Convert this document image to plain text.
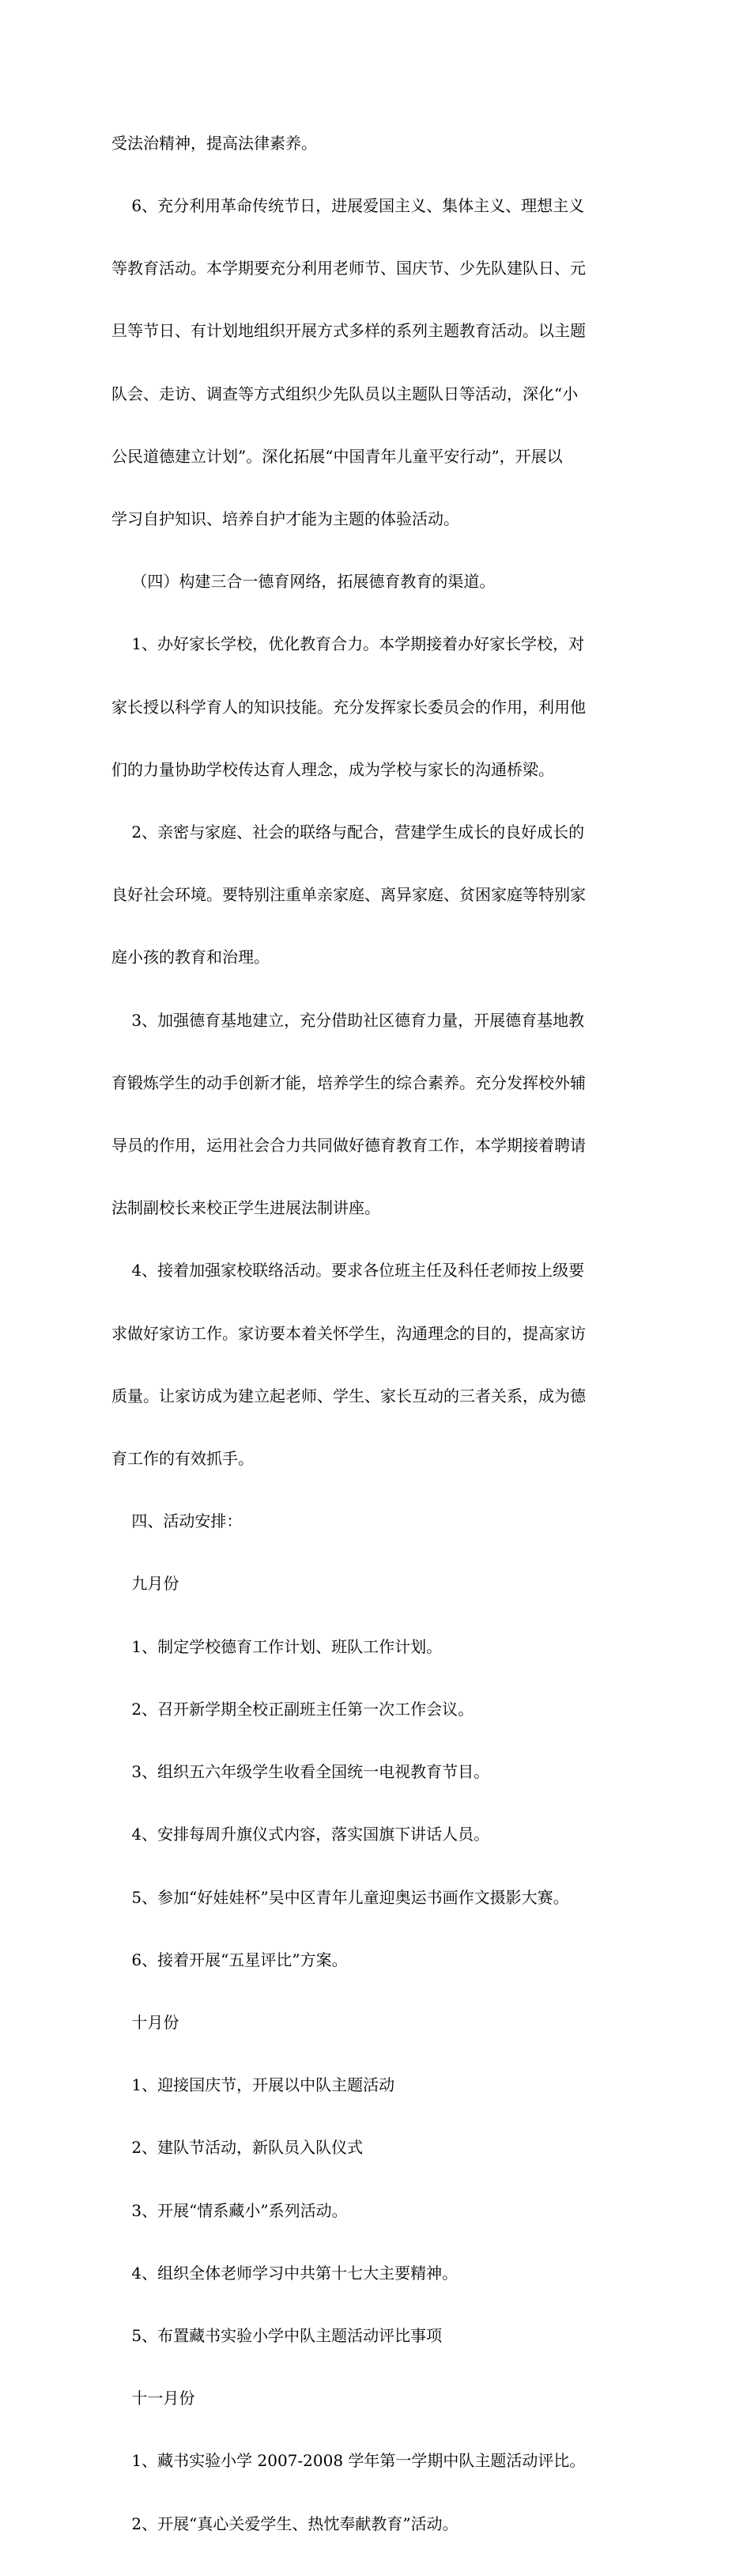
受法治精神，提高法律素养。

6、充分利用革命传统节日，进展爱国主义、集体主义、理想主义

等教育活动。本学期要充分利用老师节、国庆节、少先队建队日、元

旦等节日、有计划地组织开展方式多样的系列主题教育活动。以主题

队会、走访、调查等方式组织少先队员以主题队日等活动，深化“小

公民道德建立计划”。深化拓展“中国青年儿童平安行动”，开展以

学习自护知识、培养自护才能为主题的体验活动。

（四）构建三合一德育网络，拓展德育教育的渠道。

1、办好家长学校，优化教育合力。本学期接着办好家长学校，对

家长授以科学育人的知识技能。充分发挥家长委员会的作用，利用他

们的力量协助学校传达育人理念，成为学校与家长的沟通桥梁。

2、亲密与家庭、社会的联络与配合，营建学生成长的良好成长的

良好社会环境。要特别注重单亲家庭、离异家庭、贫困家庭等特别家

庭小孩的教育和治理。

3、加强德育基地建立，充分借助社区德育力量，开展德育基地教

育锻炼学生的动手创新才能，培养学生的综合素养。充分发挥校外辅

导员的作用，运用社会合力共同做好德育教育工作，本学期接着聘请

法制副校长来校正学生进展法制讲座。

4、接着加强家校联络活动。要求各位班主任及科任老师按上级要

求做好家访工作。家访要本着关怀学生，沟通理念的目的，提高家访

质量。让家访成为建立起老师、学生、家长互动的三者关系，成为德

育工作的有效抓手。

四、活动安排：

九月份

1、制定学校德育工作计划、班队工作计划。

2、召开新学期全校正副班主任第一次工作会议。

3、组织五六年级学生收看全国统一电视教育节目。

4、安排每周升旗仪式内容，落实国旗下讲话人员。

5、参加“好娃娃杯”吴中区青年儿童迎奥运书画作文摄影大赛。

6、接着开展“五星评比”方案。

十月份

1、迎接国庆节，开展以中队主题活动

2、建队节活动，新队员入队仪式

3、开展“情系藏小”系列活动。

4、组织全体老师学习中共第十七大主要精神。

5、布置藏书实验小学中队主题活动评比事项

十一月份

1、藏书实验小学 2007-2008 学年第一学期中队主题活动评比。

2、开展“真心关爱学生、热忱奉献教育”活动。
